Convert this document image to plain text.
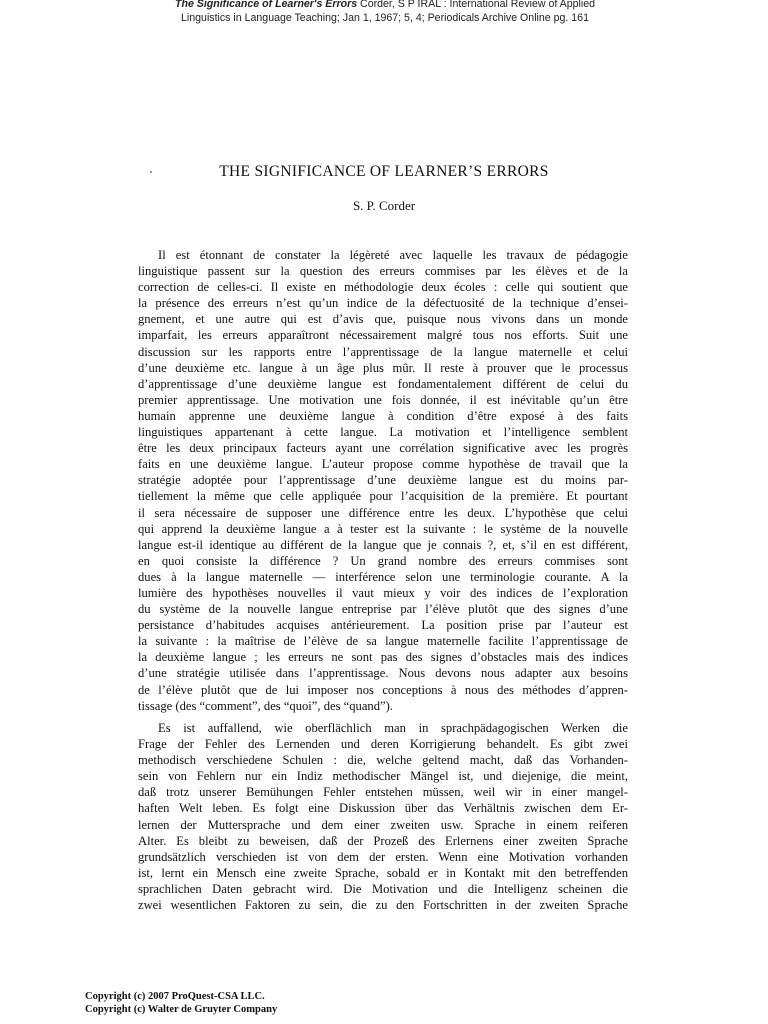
The Significance of Learner's Errors Corder, S P IRAL : International Review of Applied
Linguistics in Language Teaching; Jan 1, 1967; 5, 4; Periodicals Archive Online pg. 161
THE SIGNIFICANCE OF LEARNER’S ERRORS
S. P. Corder

Il est étonnant de constater la légèreté avec laquelle les travaux de pédagogie
linguistique passent sur la question des erreurs commises par les élèves et de la
correction de celles-ci. Il existe en méthodologie deux écoles : celle qui soutient que
la présence des erreurs n’est qu’un indice de la défectuosité de la technique d’ensei-
gnement, et une autre qui est d’avis que, puisque nous vivons dans un monde
imparfait, les erreurs apparaîtront nécessairement malgré tous nos efforts. Suit une
discussion sur les rapports entre l’apprentissage de la langue maternelle et celui
d’une deuxième etc. langue à un âge plus mûr. Il reste à prouver que le processus
d’apprentissage d’une deuxième langue est fondamentalement différent de celui du
premier apprentissage. Une motivation une fois donnée, il est inévitable qu’un être
humain apprenne une deuxième langue à condition d’être exposé à des faits
linguistiques appartenant à cette langue. La motivation et l’intelligence semblent
être les deux principaux facteurs ayant une corrélation significative avec les progrès
faits en une deuxième langue. L’auteur propose comme hypothèse de travail que la
stratégie adoptée pour l’apprentissage d’une deuxième langue est du moins par-
tiellement la même que celle appliquée pour l’acquisition de la première. Et pourtant
il sera nécessaire de supposer une différence entre les deux. L’hypothèse que celui
qui apprend la deuxième langue a à tester est la suivante : le système de la nouvelle
langue est-il identique au différent de la langue que je connais ?, et, s’il en est différent,
en quoi consiste la différence ? Un grand nombre des erreurs commises sont
dues à la langue maternelle — interférence selon une terminologie courante. A la
lumière des hypothèses nouvelles il vaut mieux y voir des indices de l’exploration
du système de la nouvelle langue entreprise par l’élève plutôt que des signes d’une
persistance d’habitudes acquises antérieurement. La position prise par l’auteur est
la suivante : la maîtrise de l’élève de sa langue maternelle facilite l’apprentissage de
la deuxième langue ; les erreurs ne sont pas des signes d’obstacles mais des indices
d’une stratégie utilisée dans l’apprentissage. Nous devons nous adapter aux besoins
de l’élève plutôt que de lui imposer nos conceptions à nous des méthodes d’appren-
tissage (des “comment”, des “quoi”, des “quand”).

Es ist auffallend, wie oberflächlich man in sprachpädagogischen Werken die
Frage der Fehler des Lernenden und deren Korrigierung behandelt. Es gibt zwei
methodisch verschiedene Schulen : die, welche geltend macht, daß das Vorhanden-
sein von Fehlern nur ein Indiz methodischer Mängel ist, und diejenige, die meint,
daß trotz unserer Bemühungen Fehler entstehen müssen, weil wir in einer mangel-
haften Welt leben. Es folgt eine Diskussion über das Verhältnis zwischen dem Er-
lernen der Muttersprache und dem einer zweiten usw. Sprache in einem reiferen
Alter. Es bleibt zu beweisen, daß der Prozeß des Erlernens einer zweiten Sprache
grundsätzlich verschieden ist von dem der ersten. Wenn eine Motivation vorhanden
ist, lernt ein Mensch eine zweite Sprache, sobald er in Kontakt mit den betreffenden
sprachlichen Daten gebracht wird. Die Motivation und die Intelligenz scheinen die
zwei wesentlichen Faktoren zu sein, die zu den Fortschritten in der zweiten Sprache

Copyright (c) 2007 ProQuest-CSA LLC.
Copyright (c) Walter de Gruyter Company
